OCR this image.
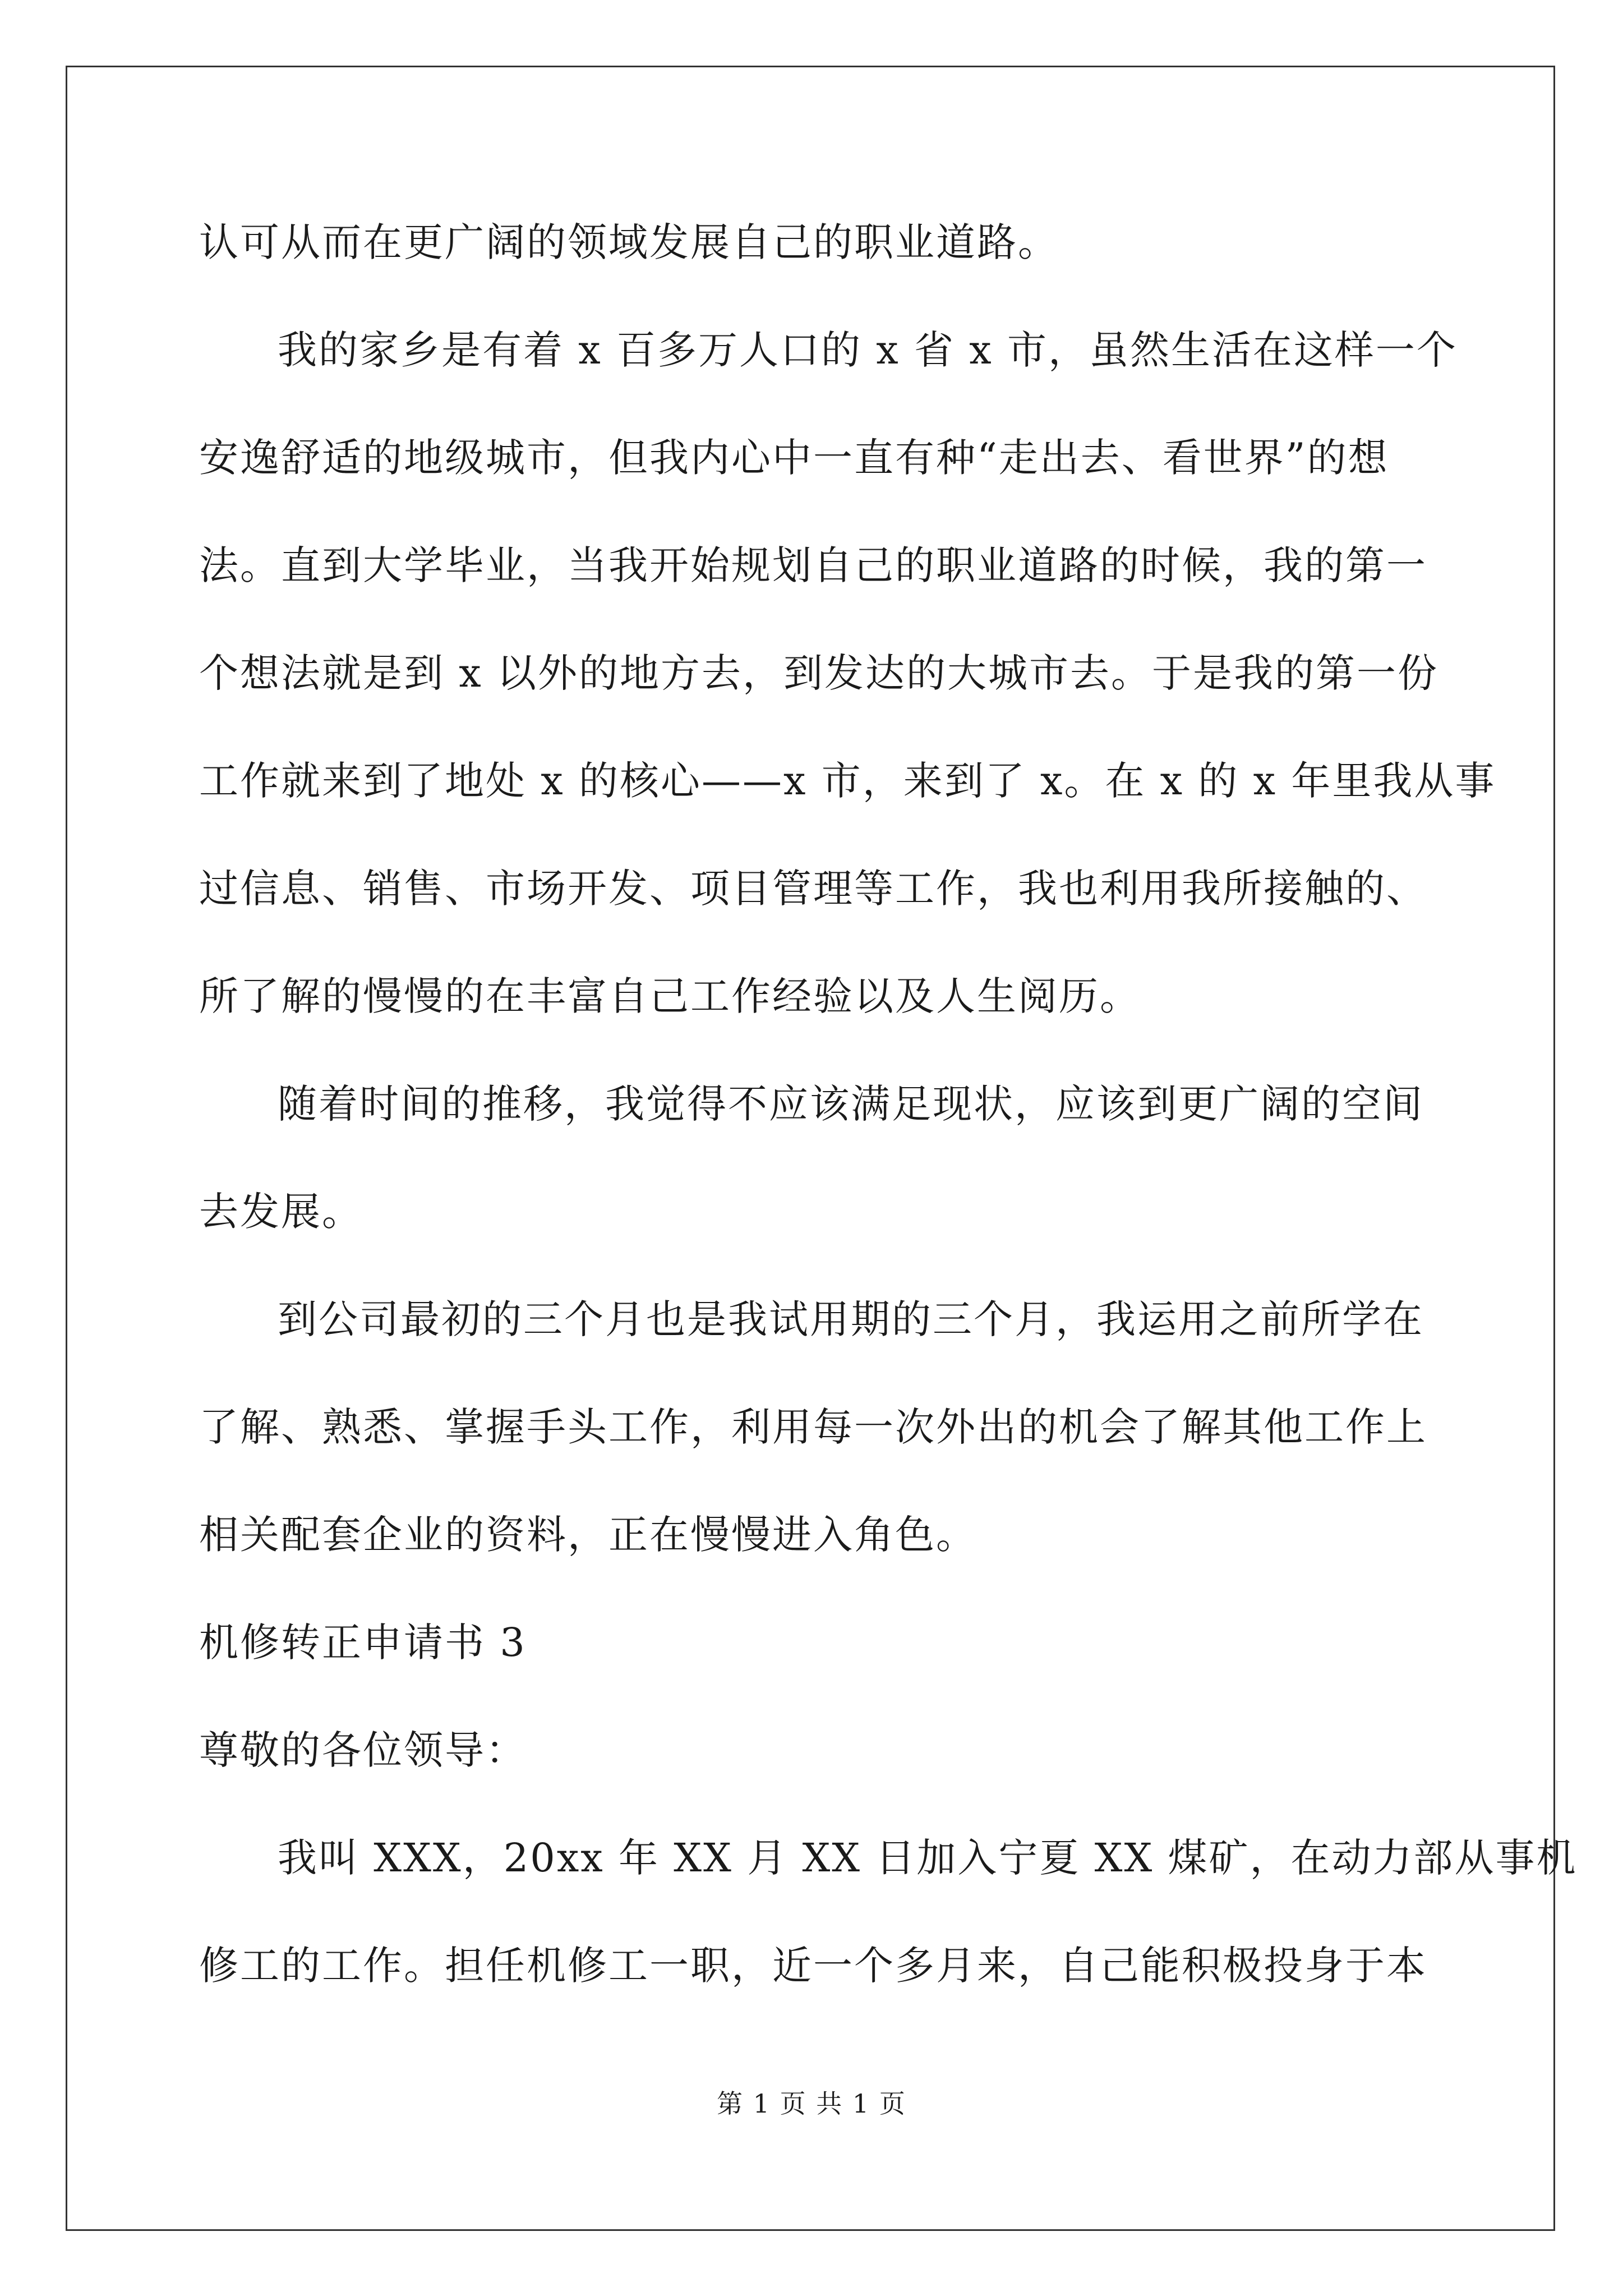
认可从而在更广阔的领域发展自己的职业道路。
我的家乡是有着 x 百多万人口的 x 省 x 市，虽然生活在这样一个
安逸舒适的地级城市，但我内心中一直有种“走出去、看世界”的想
法。直到大学毕业，当我开始规划自己的职业道路的时候，我的第一
个想法就是到 x 以外的地方去，到发达的大城市去。于是我的第一份
工作就来到了地处 x 的核心——x 市，来到了 x。在 x 的 x 年里我从事
过信息、销售、市场开发、项目管理等工作，我也利用我所接触的、
所了解的慢慢的在丰富自己工作经验以及人生阅历。
随着时间的推移，我觉得不应该满足现状，应该到更广阔的空间
去发展。
到公司最初的三个月也是我试用期的三个月，我运用之前所学在
了解、熟悉、掌握手头工作，利用每一次外出的机会了解其他工作上
相关配套企业的资料，正在慢慢进入角色。
机修转正申请书 3
尊敬的各位领导：
我叫 XXX，20xx 年 XX 月 XX 日加入宁夏 XX 煤矿，在动力部从事机
修工的工作。担任机修工一职，近一个多月来，自己能积极投身于本
第 1 页 共 1 页
